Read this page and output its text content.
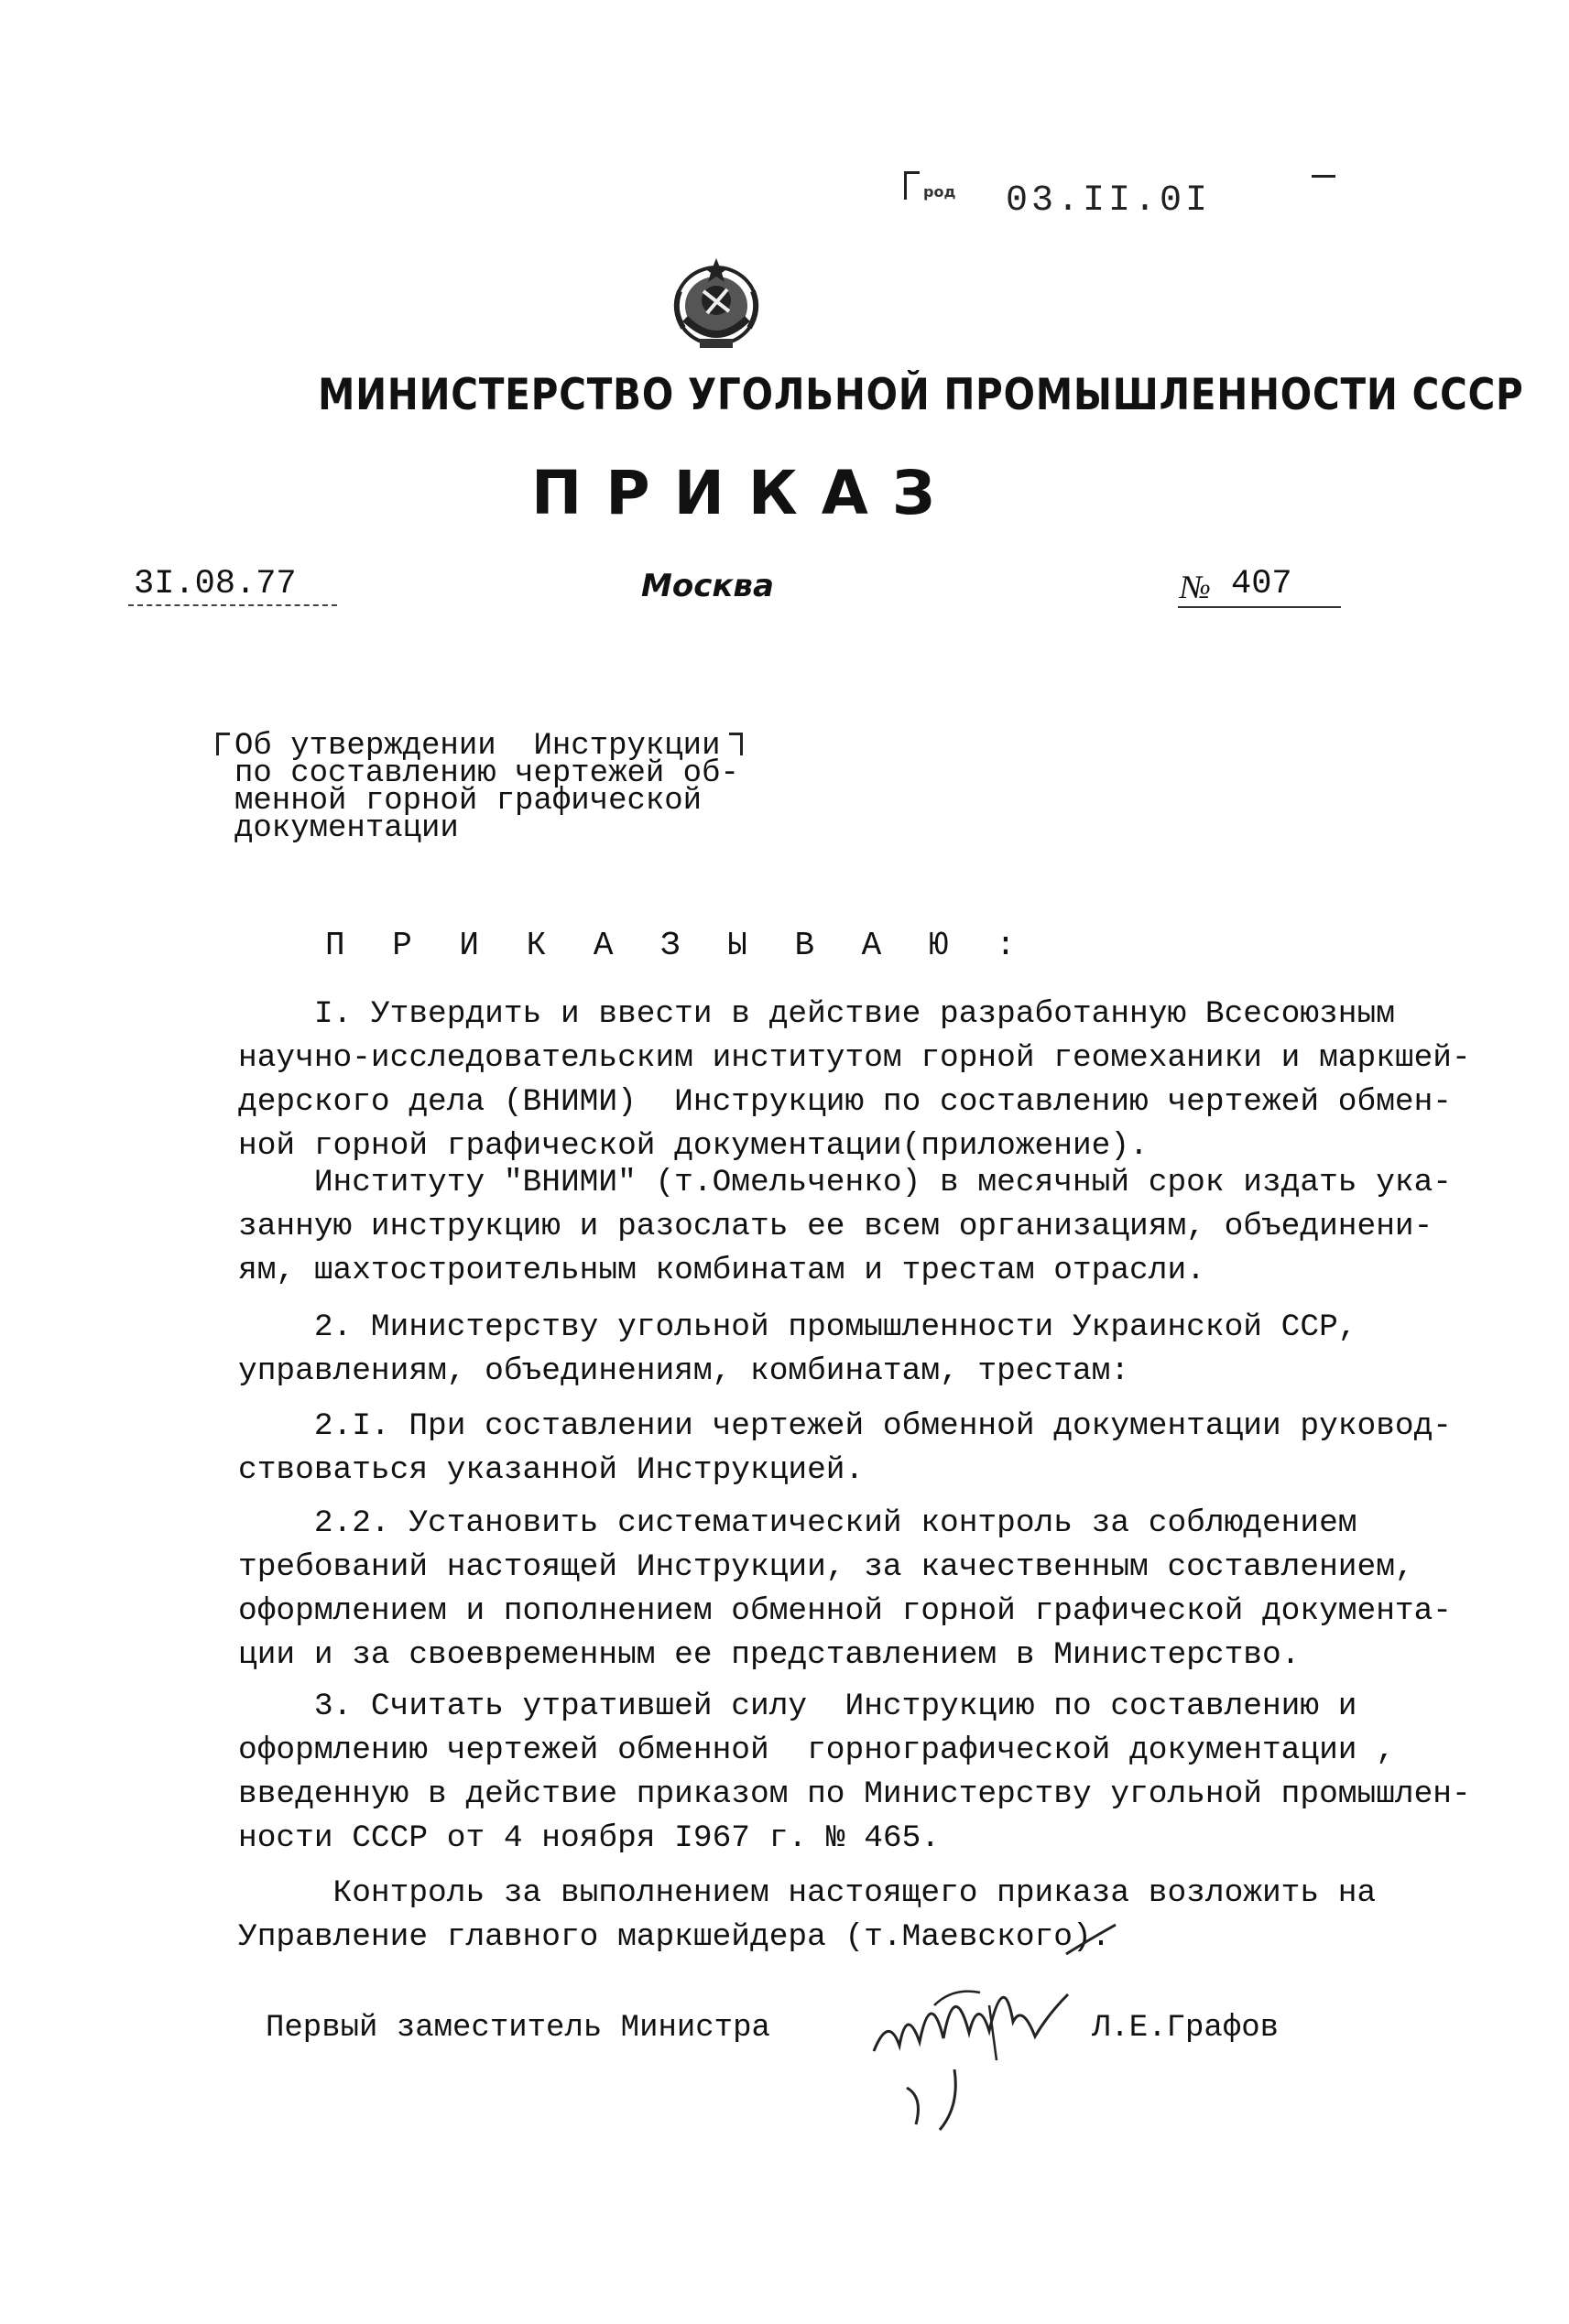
род 03.II.0I
МИНИСТЕРСТВО УГОЛЬНОЙ ПРОМЫШЛЕННОСТИ СССР
ПРИКАЗ
3I.08.77	Москва	№ 407
Об утверждении  Инструкции
по составлению чертежей об-
менной горной графической
документации
П Р И К А З Ы В А Ю :
I. Утвердить и ввести в действие разработанную Всесоюзным
научно-исследовательским институтом горной геомеханики и маркшей-
дерского дела (ВНИМИ)  Инструкцию по составлению чертежей обмен-
ной горной графической документации(приложение).
Институту "ВНИМИ" (т.Омельченко) в месячный срок издать ука-
занную инструкцию и разослать ее всем организациям, объединени-
ям, шахтостроительным комбинатам и трестам отрасли.
2. Министерству угольной промышленности Украинской ССР,
управлениям, объединениям, комбинатам, трестам:
2.I. При составлении чертежей обменной документации руковод-
ствоваться указанной Инструкцией.
2.2. Установить систематический контроль за соблюдением
требований настоящей Инструкции, за качественным составлением,
оформлением и пополнением обменной горной графической документа-
ции и за своевременным ее представлением в Министерство.
3. Считать утратившей силу  Инструкцию по составлению и
оформлению чертежей обменной  горнографической документации ,
введенную в действие приказом по Министерству угольной промышлен-
ности СССР от 4 ноября I967 г. № 465.
Контроль за выполнением настоящего приказа возложить на
Управление главного маркшейдера (т.Маевского).
Первый заместитель Министра	Л.Е.Графов
